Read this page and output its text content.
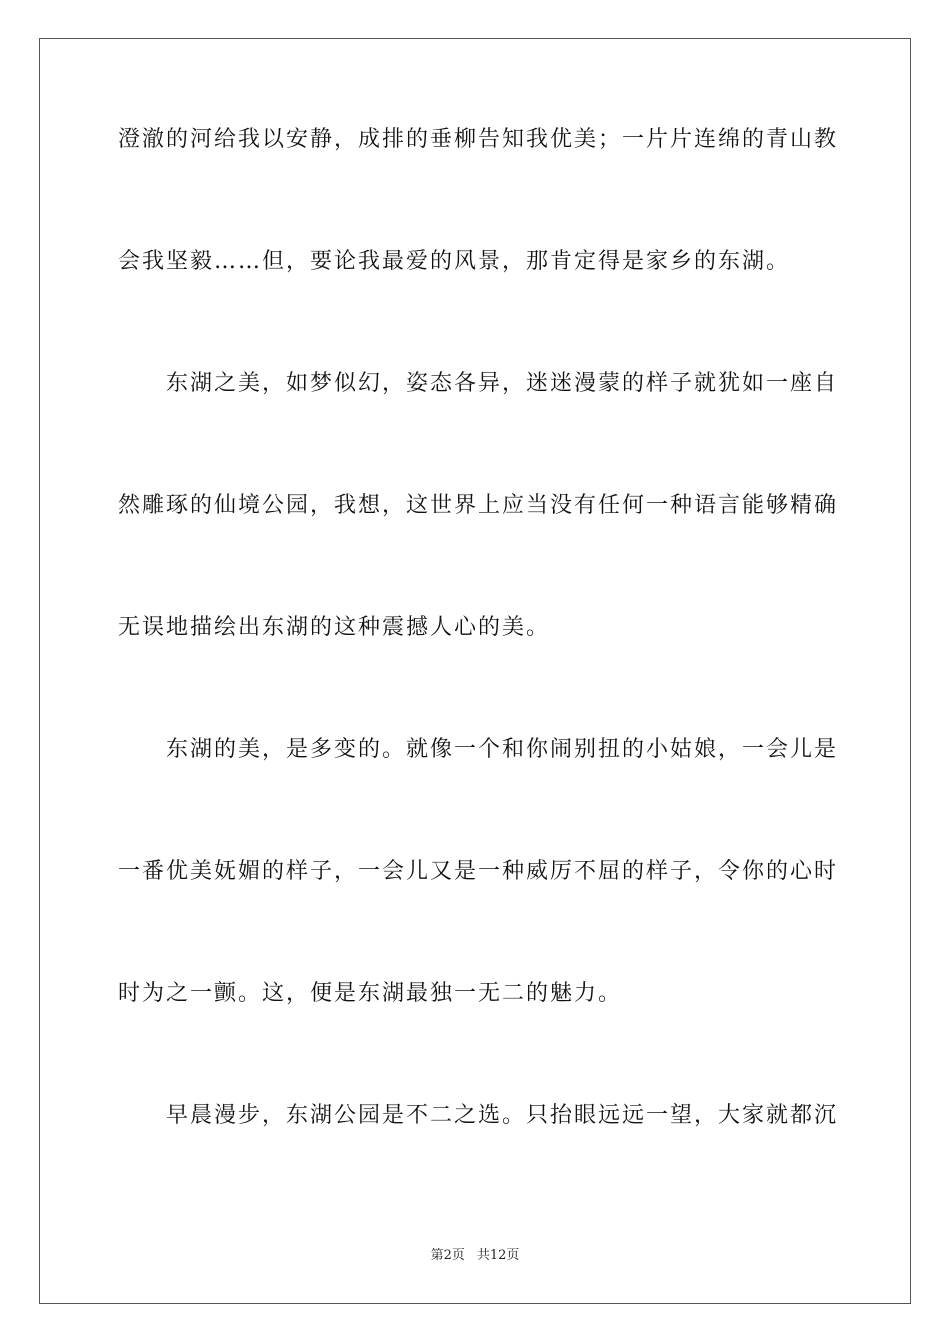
澄澈的河给我以安静，成排的垂柳告知我优美；一片片连绵的青山教
会我坚毅……但，要论我最爱的风景，那肯定得是家乡的东湖。
东湖之美，如梦似幻，姿态各异，迷迷漫蒙的样子就犹如一座自
然雕琢的仙境公园，我想，这世界上应当没有任何一种语言能够精确
无误地描绘出东湖的这种震撼人心的美。
东湖的美，是多变的。就像一个和你闹别扭的小姑娘，一会儿是
一番优美妩媚的样子，一会儿又是一种威厉不屈的样子，令你的心时
时为之一颤。这，便是东湖最独一无二的魅力。
早晨漫步，东湖公园是不二之选。只抬眼远远一望，大家就都沉
第2页 共12页
